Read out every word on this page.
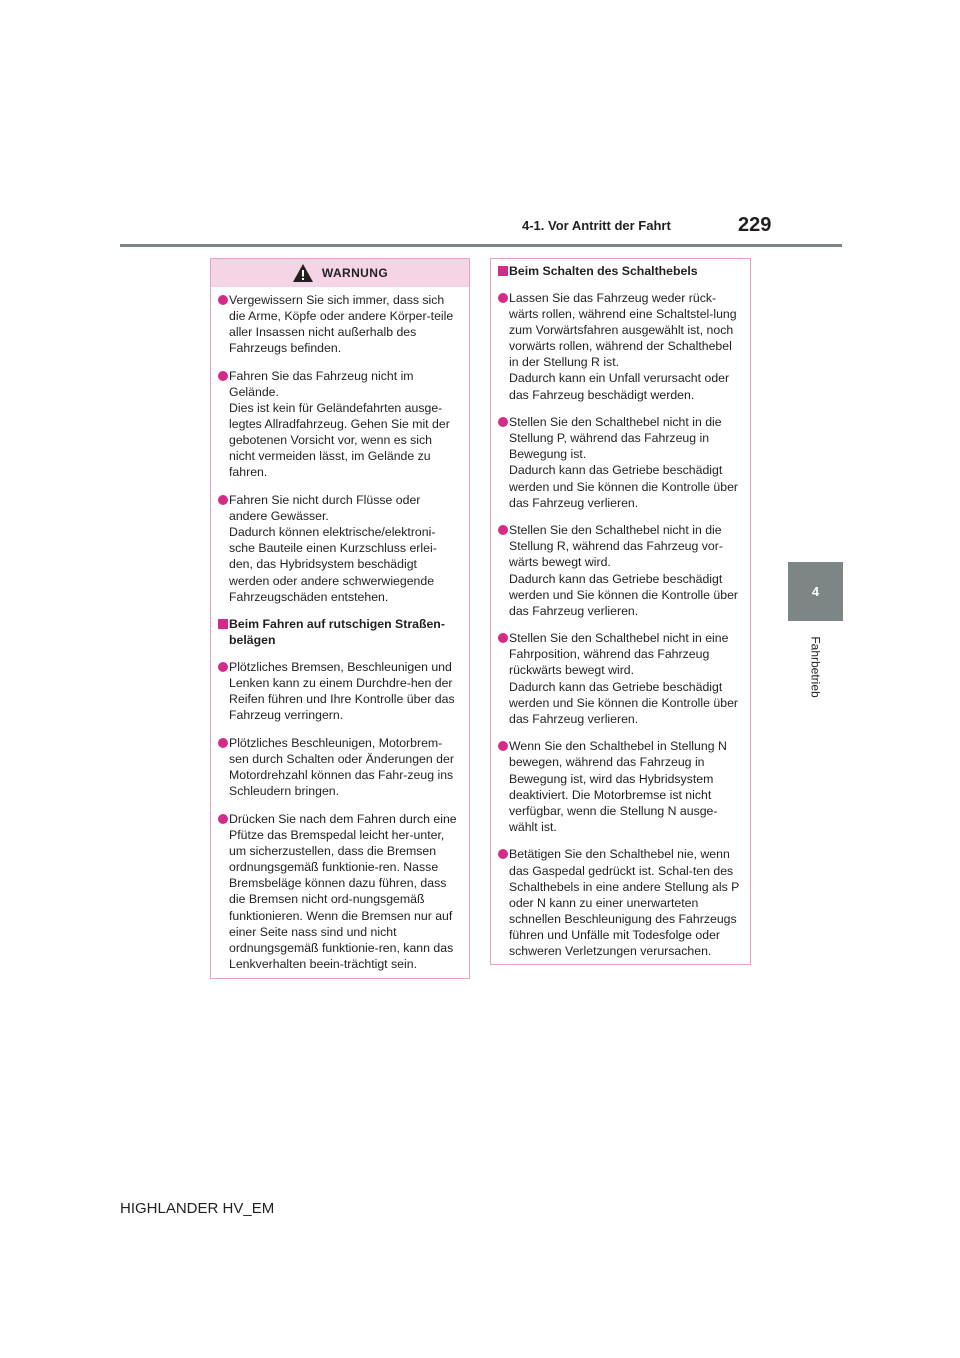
4-1. Vor Antritt der Fahrt	229
4
Fahrbetrieb
WARNUNG
Vergewissern Sie sich immer, dass sich die Arme, Köpfe oder andere Körper-teile aller Insassen nicht außerhalb des Fahrzeugs befinden.
Fahren Sie das Fahrzeug nicht im Gelände.
Dies ist kein für Geländefahrten ausge-legtes Allradfahrzeug. Gehen Sie mit der gebotenen Vorsicht vor, wenn es sich nicht vermeiden lässt, im Gelände zu fahren.
Fahren Sie nicht durch Flüsse oder andere Gewässer.
Dadurch können elektrische/elektroni-sche Bauteile einen Kurzschluss erlei-den, das Hybridsystem beschädigt werden oder andere schwerwiegende Fahrzeugschäden entstehen.
Beim Fahren auf rutschigen Straßen-belägen
Plötzliches Bremsen, Beschleunigen und Lenken kann zu einem Durchdre-hen der Reifen führen und Ihre Kontrolle über das Fahrzeug verringern.
Plötzliches Beschleunigen, Motorbrem-sen durch Schalten oder Änderungen der Motordrehzahl können das Fahr-zeug ins Schleudern bringen.
Drücken Sie nach dem Fahren durch eine Pfütze das Bremspedal leicht her-unter, um sicherzustellen, dass die Bremsen ordnungsgemäß funktionie-ren. Nasse Bremsbeläge können dazu führen, dass die Bremsen nicht ord-nungsgemäß funktionieren. Wenn die Bremsen nur auf einer Seite nass sind und nicht ordnungsgemäß funktionie-ren, kann das Lenkverhalten beein-trächtigt sein.
Beim Schalten des Schalthebels
Lassen Sie das Fahrzeug weder rück-wärts rollen, während eine Schaltstel-lung zum Vorwärtsfahren ausgewählt ist, noch vorwärts rollen, während der Schalthebel in der Stellung R ist.
Dadurch kann ein Unfall verursacht oder das Fahrzeug beschädigt werden.
Stellen Sie den Schalthebel nicht in die Stellung P, während das Fahrzeug in Bewegung ist.
Dadurch kann das Getriebe beschädigt werden und Sie können die Kontrolle über das Fahrzeug verlieren.
Stellen Sie den Schalthebel nicht in die Stellung R, während das Fahrzeug vor-wärts bewegt wird.
Dadurch kann das Getriebe beschädigt werden und Sie können die Kontrolle über das Fahrzeug verlieren.
Stellen Sie den Schalthebel nicht in eine Fahrposition, während das Fahrzeug rückwärts bewegt wird.
Dadurch kann das Getriebe beschädigt werden und Sie können die Kontrolle über das Fahrzeug verlieren.
Wenn Sie den Schalthebel in Stellung N bewegen, während das Fahrzeug in Bewegung ist, wird das Hybridsystem deaktiviert. Die Motorbremse ist nicht verfügbar, wenn die Stellung N ausge-wählt ist.
Betätigen Sie den Schalthebel nie, wenn das Gaspedal gedrückt ist. Schal-ten des Schalthebels in eine andere Stellung als P oder N kann zu einer unerwarteten schnellen Beschleunigung des Fahrzeugs führen und Unfälle mit Todesfolge oder schweren Verletzungen verursachen.
HIGHLANDER HV_EM
